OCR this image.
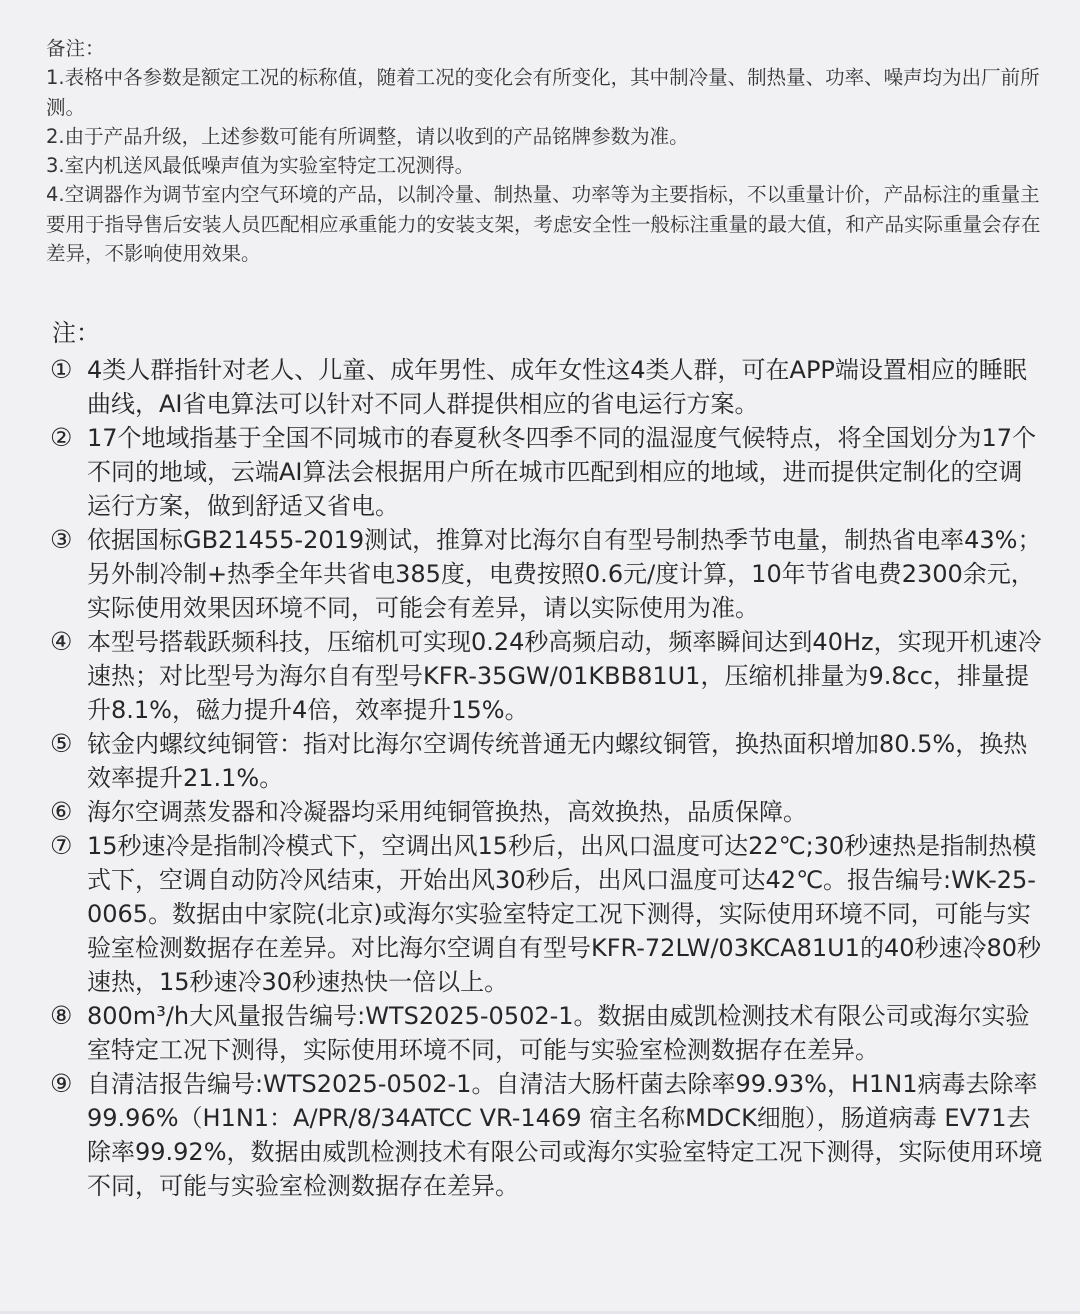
备注：

1.表格中各参数是额定工况的标称值，随着工况的变化会有所变化，其中制冷量、制热量、功率、噪声均为出厂前所测。

2.由于产品升级，上述参数可能有所调整，请以收到的产品铭牌参数为准。

3.室内机送风最低噪声值为实验室特定工况测得。

4.空调器作为调节室内空气环境的产品，以制冷量、制热量、功率等为主要指标，不以重量计价，产品标注的重量主要用于指导售后安装人员匹配相应承重能力的安装支架，考虑安全性一般标注重量的最大值，和产品实际重量会存在差异，不影响使用效果。

注：

① 4类人群指针对老人、儿童、成年男性、成年女性这4类人群，可在APP端设置相应的睡眠曲线，AI省电算法可以针对不同人群提供相应的省电运行方案。

② 17个地域指基于全国不同城市的春夏秋冬四季不同的温湿度气候特点，将全国划分为17个不同的地域，云端AI算法会根据用户所在城市匹配到相应的地域，进而提供定制化的空调运行方案，做到舒适又省电。

③ 依据国标GB21455-2019测试，推算对比海尔自有型号制热季节电量，制热省电率43%；另外制冷制+热季全年共省电385度，电费按照0.6元/度计算，10年节省电费2300余元，实际使用效果因环境不同，可能会有差异，请以实际使用为准。

④ 本型号搭载跃频科技，压缩机可实现0.24秒高频启动，频率瞬间达到40Hz，实现开机速冷速热；对比型号为海尔自有型号KFR-35GW/01KBB81U1，压缩机排量为9.8cc，排量提升8.1%，磁力提升4倍，效率提升15%。

⑤ 铱金内螺纹纯铜管：指对比海尔空调传统普通无内螺纹铜管，换热面积增加80.5%，换热效率提升21.1%。

⑥ 海尔空调蒸发器和冷凝器均采用纯铜管换热，高效换热，品质保障。

⑦ 15秒速冷是指制冷模式下，空调出风15秒后，出风口温度可达22℃;30秒速热是指制热模式下，空调自动防冷风结束，开始出风30秒后，出风口温度可达42℃。报告编号:WK-25-0065。数据由中家院(北京)或海尔实验室特定工况下测得，实际使用环境不同，可能与实验室检测数据存在差异。对比海尔空调自有型号KFR-72LW/03KCA81U1的40秒速冷80秒速热，15秒速冷30秒速热快一倍以上。

⑧ 800m³/h大风量报告编号:WTS2025-0502-1。数据由威凯检测技术有限公司或海尔实验室特定工况下测得，实际使用环境不同，可能与实验室检测数据存在差异。

⑨ 自清洁报告编号:WTS2025-0502-1。自清洁大肠杆菌去除率99.93%，H1N1病毒去除率99.96%（H1N1：A/PR/8/34ATCC VR-1469 宿主名称MDCK细胞），肠道病毒 EV71去除率99.92%，数据由威凯检测技术有限公司或海尔实验室特定工况下测得，实际使用环境不同，可能与实验室检测数据存在差异。
